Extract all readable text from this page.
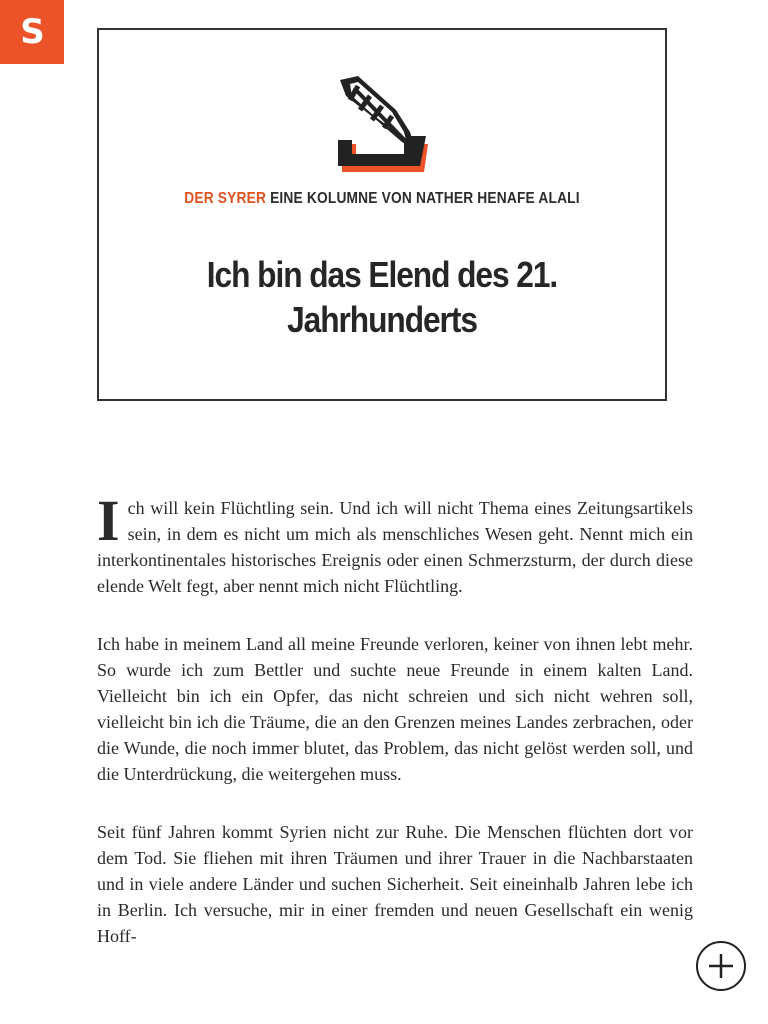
S
DER SYRER EINE KOLUMNE VON NATHER HENAFE ALALI
Ich bin das Elend des 21.
Jahrhunderts

Ich will kein Flüchtling sein. Und ich will nicht Thema eines Zeitungsartikels sein, in dem es nicht um mich als menschliches Wesen geht. Nennt mich ein interkontinentales historisches Ereignis oder einen Schmerzsturm, der durch diese elende Welt fegt, aber nennt mich nicht Flüchtling.

Ich habe in meinem Land all meine Freunde verloren, keiner von ihnen lebt mehr. So wurde ich zum Bettler und suchte neue Freunde in einem kalten Land. Vielleicht bin ich ein Opfer, das nicht schreien und sich nicht wehren soll, vielleicht bin ich die Träume, die an den Grenzen meines Landes zerbrachen, oder die Wunde, die noch immer blutet, das Problem, das nicht gelöst werden soll, und die Unterdrückung, die weitergehen muss.

Seit fünf Jahren kommt Syrien nicht zur Ruhe. Die Menschen flüchten dort vor dem Tod. Sie fliehen mit ihren Träumen und ihrer Trauer in die Nachbarstaaten und in viele andere Länder und suchen Sicherheit. Seit eineinhalb Jahren lebe ich in Berlin. Ich versuche, mir in einer fremden und neuen Gesellschaft ein wenig Hoff-
